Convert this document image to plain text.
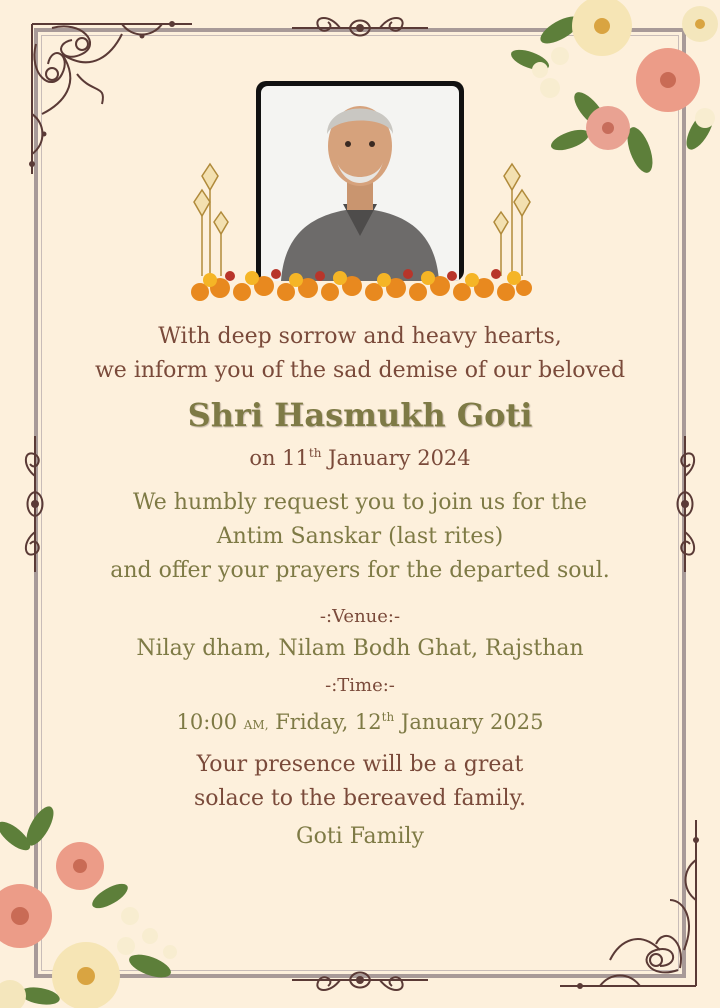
With deep sorrow and heavy hearts,
we inform you of the sad demise of our beloved
Shri Hasmukh Goti
on 11th January 2024
We humbly request you to join us for the
Antim Sanskar (last rites)
and offer your prayers for the departed soul.
-:Venue:-
Nilay dham, Nilam Bodh Ghat, Rajsthan
-:Time:-
10:00 AM, Friday, 12th January 2025
Your presence will be a great
solace to the bereaved family.
Goti Family
